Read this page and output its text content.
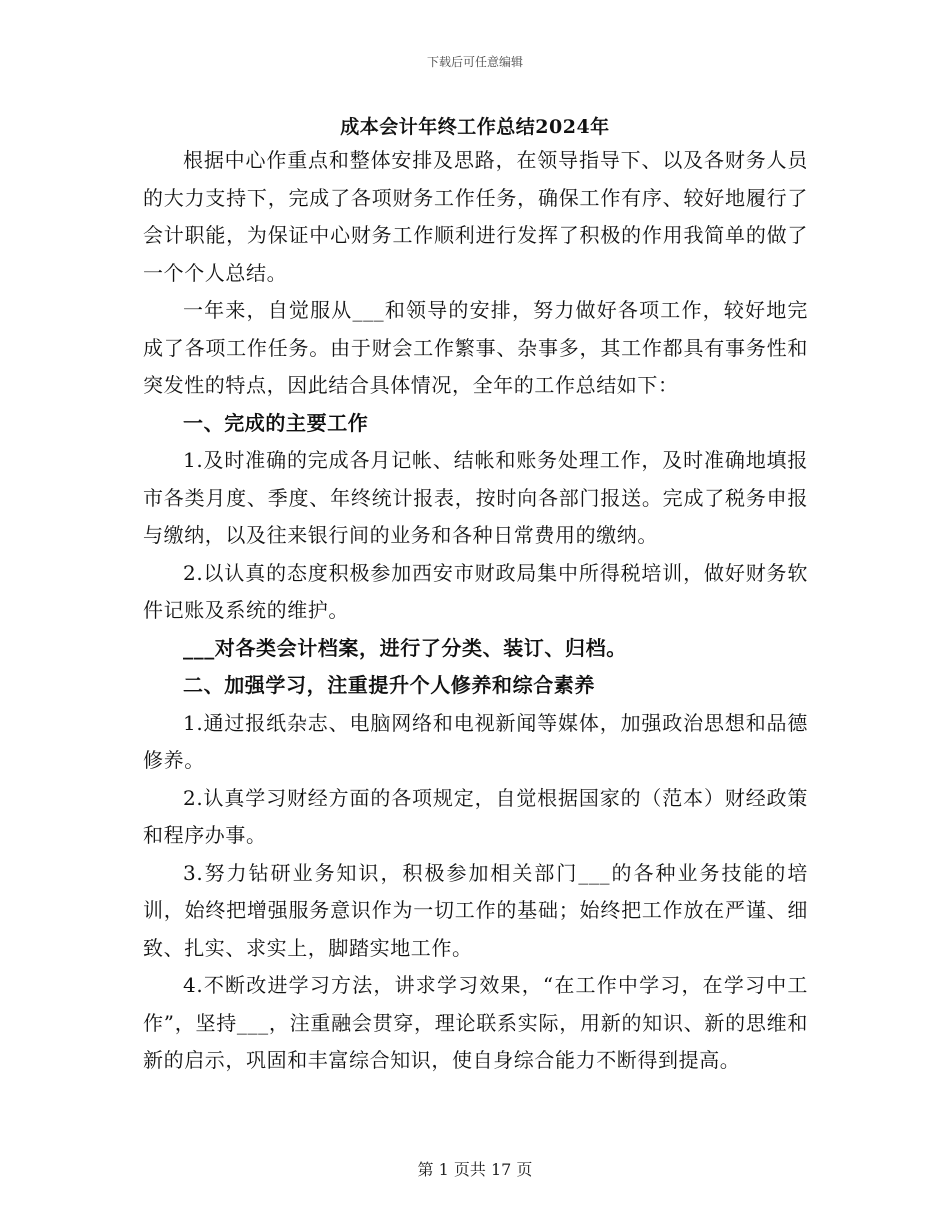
下载后可任意编辑
成本会计年终工作总结2024年

根据中心作重点和整体安排及思路，在领导指导下、以及各财务人员的大力支持下，完成了各项财务工作任务，确保工作有序、较好地履行了会计职能，为保证中心财务工作顺利进行发挥了积极的作用我简单的做了一个个人总结。

一年来，自觉服从___和领导的安排，努力做好各项工作，较好地完成了各项工作任务。由于财会工作繁事、杂事多，其工作都具有事务性和突发性的特点，因此结合具体情况，全年的工作总结如下：

一、完成的主要工作

1.及时准确的完成各月记帐、结帐和账务处理工作，及时准确地填报市各类月度、季度、年终统计报表，按时向各部门报送。完成了税务申报与缴纳，以及往来银行间的业务和各种日常费用的缴纳。

2.以认真的态度积极参加西安市财政局集中所得税培训，做好财务软件记账及系统的维护。

___对各类会计档案，进行了分类、装订、归档。

二、加强学习，注重提升个人修养和综合素养

1.通过报纸杂志、电脑网络和电视新闻等媒体，加强政治思想和品德修养。

2.认真学习财经方面的各项规定，自觉根据国家的（范本）财经政策和程序办事。

3.努力钻研业务知识，积极参加相关部门___的各种业务技能的培训，始终把增强服务意识作为一切工作的基础；始终把工作放在严谨、细致、扎实、求实上，脚踏实地工作。

4.不断改进学习方法，讲求学习效果，“在工作中学习，在学习中工作”，坚持___，注重融会贯穿，理论联系实际，用新的知识、新的思维和新的启示，巩固和丰富综合知识，使自身综合能力不断得到提高。

第 1 页共 17 页
